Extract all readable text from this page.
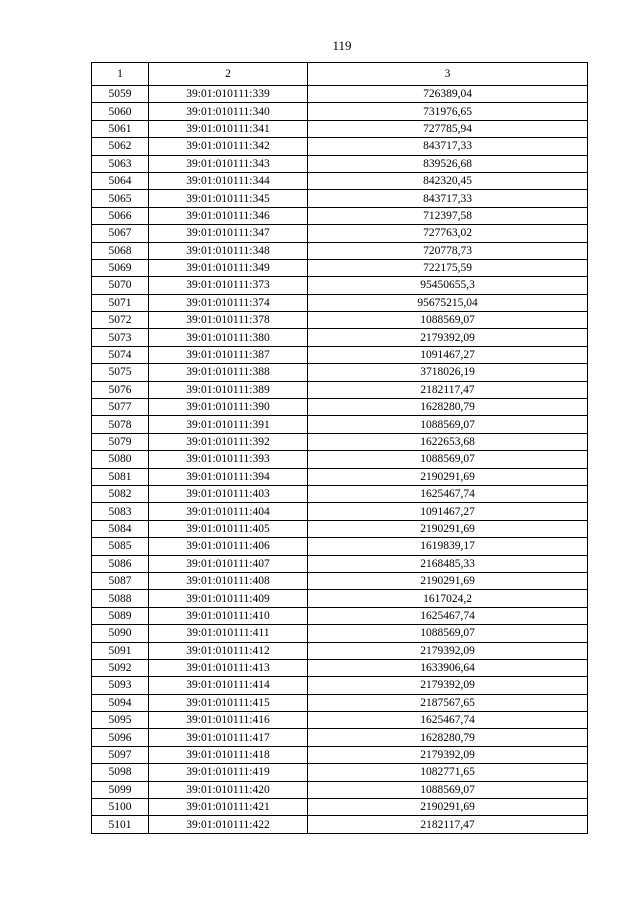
119
1	2	3
5059	39:01:010111:339	726389,04
5060	39:01:010111:340	731976,65
5061	39:01:010111:341	727785,94
5062	39:01:010111:342	843717,33
5063	39:01:010111:343	839526,68
5064	39:01:010111:344	842320,45
5065	39:01:010111:345	843717,33
5066	39:01:010111:346	712397,58
5067	39:01:010111:347	727763,02
5068	39:01:010111:348	720778,73
5069	39:01:010111:349	722175,59
5070	39:01:010111:373	95450655,3
5071	39:01:010111:374	95675215,04
5072	39:01:010111:378	1088569,07
5073	39:01:010111:380	2179392,09
5074	39:01:010111:387	1091467,27
5075	39:01:010111:388	3718026,19
5076	39:01:010111:389	2182117,47
5077	39:01:010111:390	1628280,79
5078	39:01:010111:391	1088569,07
5079	39:01:010111:392	1622653,68
5080	39:01:010111:393	1088569,07
5081	39:01:010111:394	2190291,69
5082	39:01:010111:403	1625467,74
5083	39:01:010111:404	1091467,27
5084	39:01:010111:405	2190291,69
5085	39:01:010111:406	1619839,17
5086	39:01:010111:407	2168485,33
5087	39:01:010111:408	2190291,69
5088	39:01:010111:409	1617024,2
5089	39:01:010111:410	1625467,74
5090	39:01:010111:411	1088569,07
5091	39:01:010111:412	2179392,09
5092	39:01:010111:413	1633906,64
5093	39:01:010111:414	2179392,09
5094	39:01:010111:415	2187567,65
5095	39:01:010111:416	1625467,74
5096	39:01:010111:417	1628280,79
5097	39:01:010111:418	2179392,09
5098	39:01:010111:419	1082771,65
5099	39:01:010111:420	1088569,07
5100	39:01:010111:421	2190291,69
5101	39:01:010111:422	2182117,47
